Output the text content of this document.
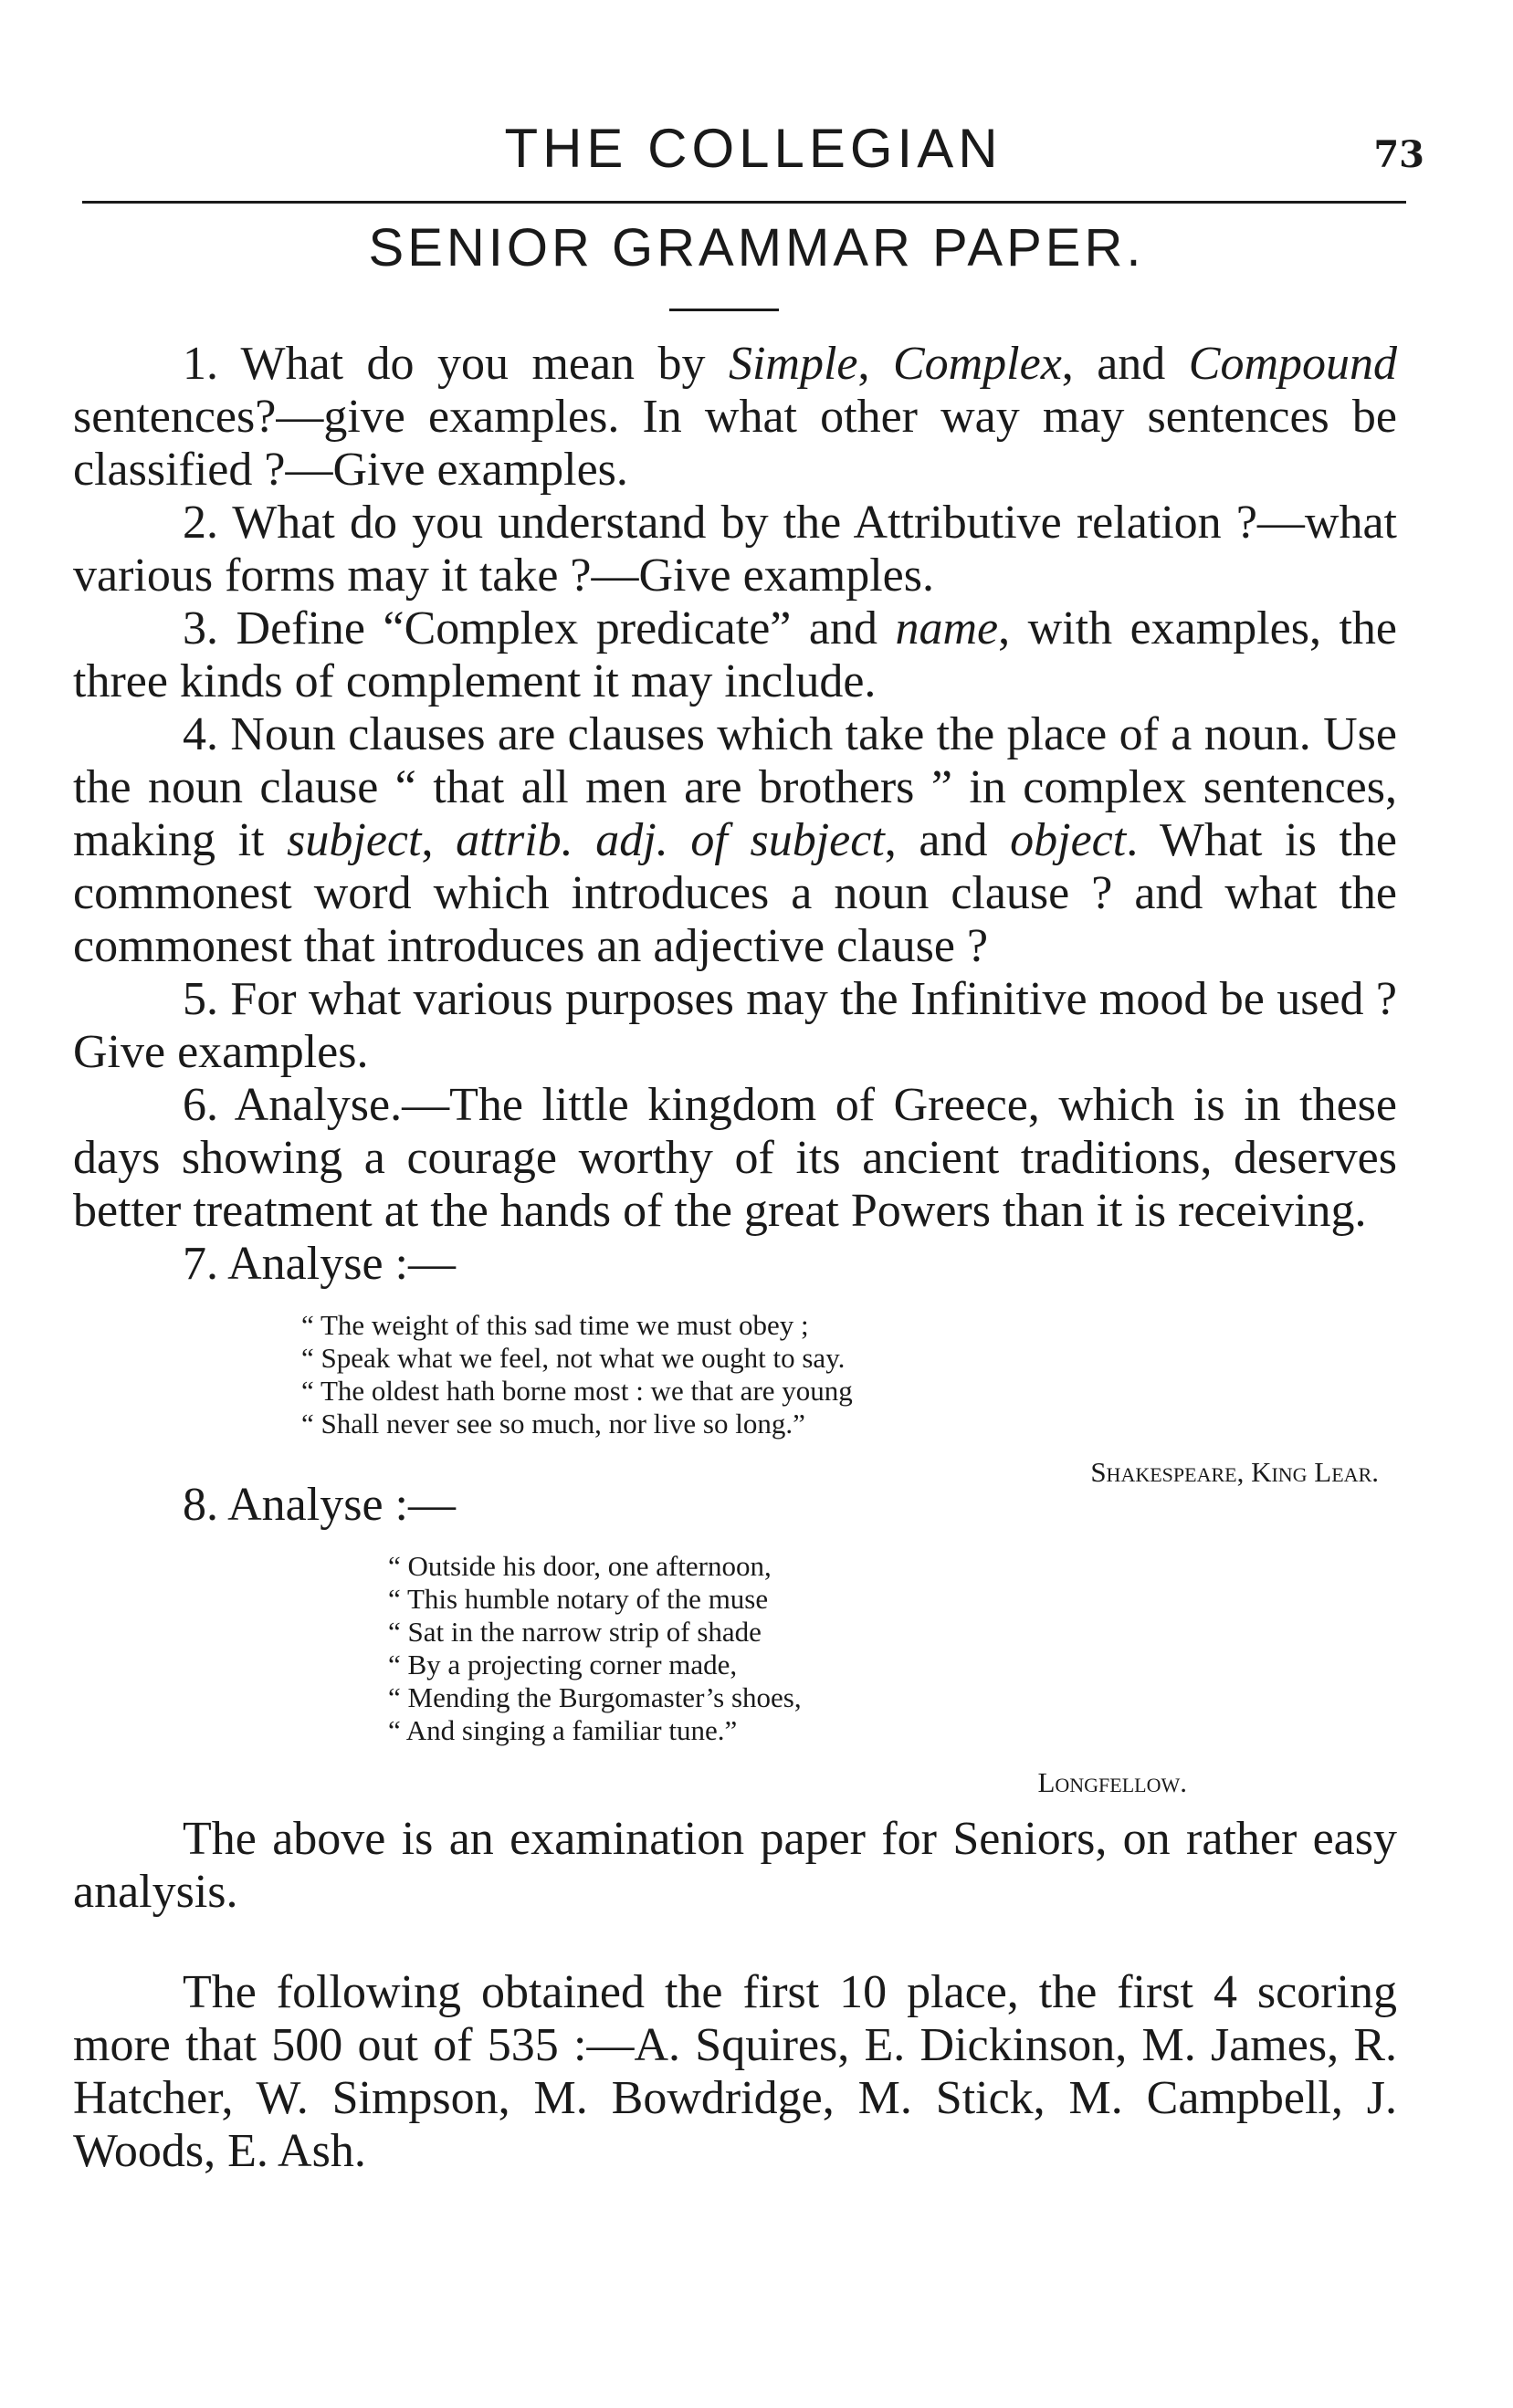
THE COLLEGIAN	73
SENIOR GRAMMAR PAPER.

1. What do you mean by Simple, Complex, and Compound sentences?—give examples. In what other way may sentences be classified ?—Give examples.

2. What do you understand by the Attributive relation ?—what various forms may it take ?—Give examples.

3. Define “Complex predicate” and name, with examples, the three kinds of complement it may include.

4. Noun clauses are clauses which take the place of a noun. Use the noun clause “ that all men are brothers ” in complex sentences, making it subject, attrib. adj. of subject, and object. What is the commonest word which introduces a noun clause ? and what the commonest that introduces an adjective clause ?

5. For what various purposes may the Infinitive mood be used ? Give examples.

6. Analyse.—The little kingdom of Greece, which is in these days showing a courage worthy of its ancient traditions, deserves better treatment at the hands of the great Powers than it is receiving.

7. Analyse :—

“ The weight of this sad time we must obey ;
“ Speak what we feel, not what we ought to say.
“ The oldest hath borne most : we that are young
“ Shall never see so much, nor live so long.”
Shakespeare, King Lear.

8. Analyse :—

“ Outside his door, one afternoon,
“ This humble notary of the muse
“ Sat in the narrow strip of shade
“ By a projecting corner made,
“ Mending the Burgomaster’s shoes,
“ And singing a familiar tune.”
Longfellow.

The above is an examination paper for Seniors, on rather easy analysis.

The following obtained the first 10 place, the first 4 scoring more that 500 out of 535 :—A. Squires, E. Dickinson, M. James, R. Hatcher, W. Simpson, M. Bowdridge, M. Stick, M. Campbell, J. Woods, E. Ash.
